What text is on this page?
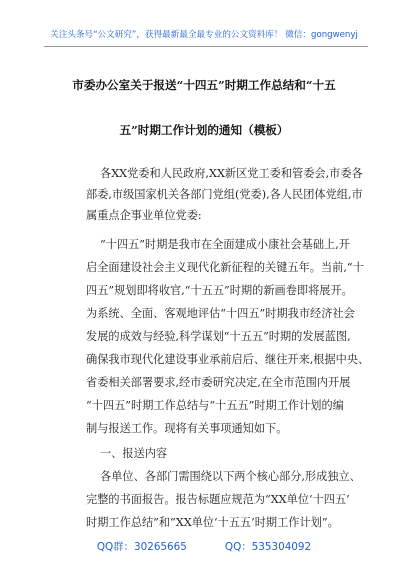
关注头条号“公文研究”，获得最新最全最专业的公文资料库！ 微信：gongwenyj
市委办公室关于报送“十四五”时期工作总结和“十五
五”时期工作计划的通知（模板）
各XX党委和人民政府,XX新区党工委和管委会,市委各
部委,市级国家机关各部门党组(党委),各人民团体党组,市
属重点企事业单位党委:
“十四五”时期是我市在全面建成小康社会基础上,开
启全面建设社会主义现代化新征程的关键五年。当前,“十
四五”规划即将收官,“十五五”时期的新画卷即将展开。
为系统、全面、客观地评估“十四五”时期我市经济社会
发展的成效与经验,科学谋划“十五五”时期的发展蓝图,
确保我市现代化建设事业承前启后、继往开来,根据中央、
省委相关部署要求,经市委研究决定,在全市范围内开展
“十四五”时期工作总结与“十五五”时期工作计划的编
制与报送工作。现将有关事项通知如下。
一、报送内容
各单位、各部门需围绕以下两个核心部分,形成独立、
完整的书面报告。报告标题应规范为“XX单位‘十四五’
时期工作总结”和“XX单位‘十五五’时期工作计划”。
QQ群：30265665	QQ：535304092
